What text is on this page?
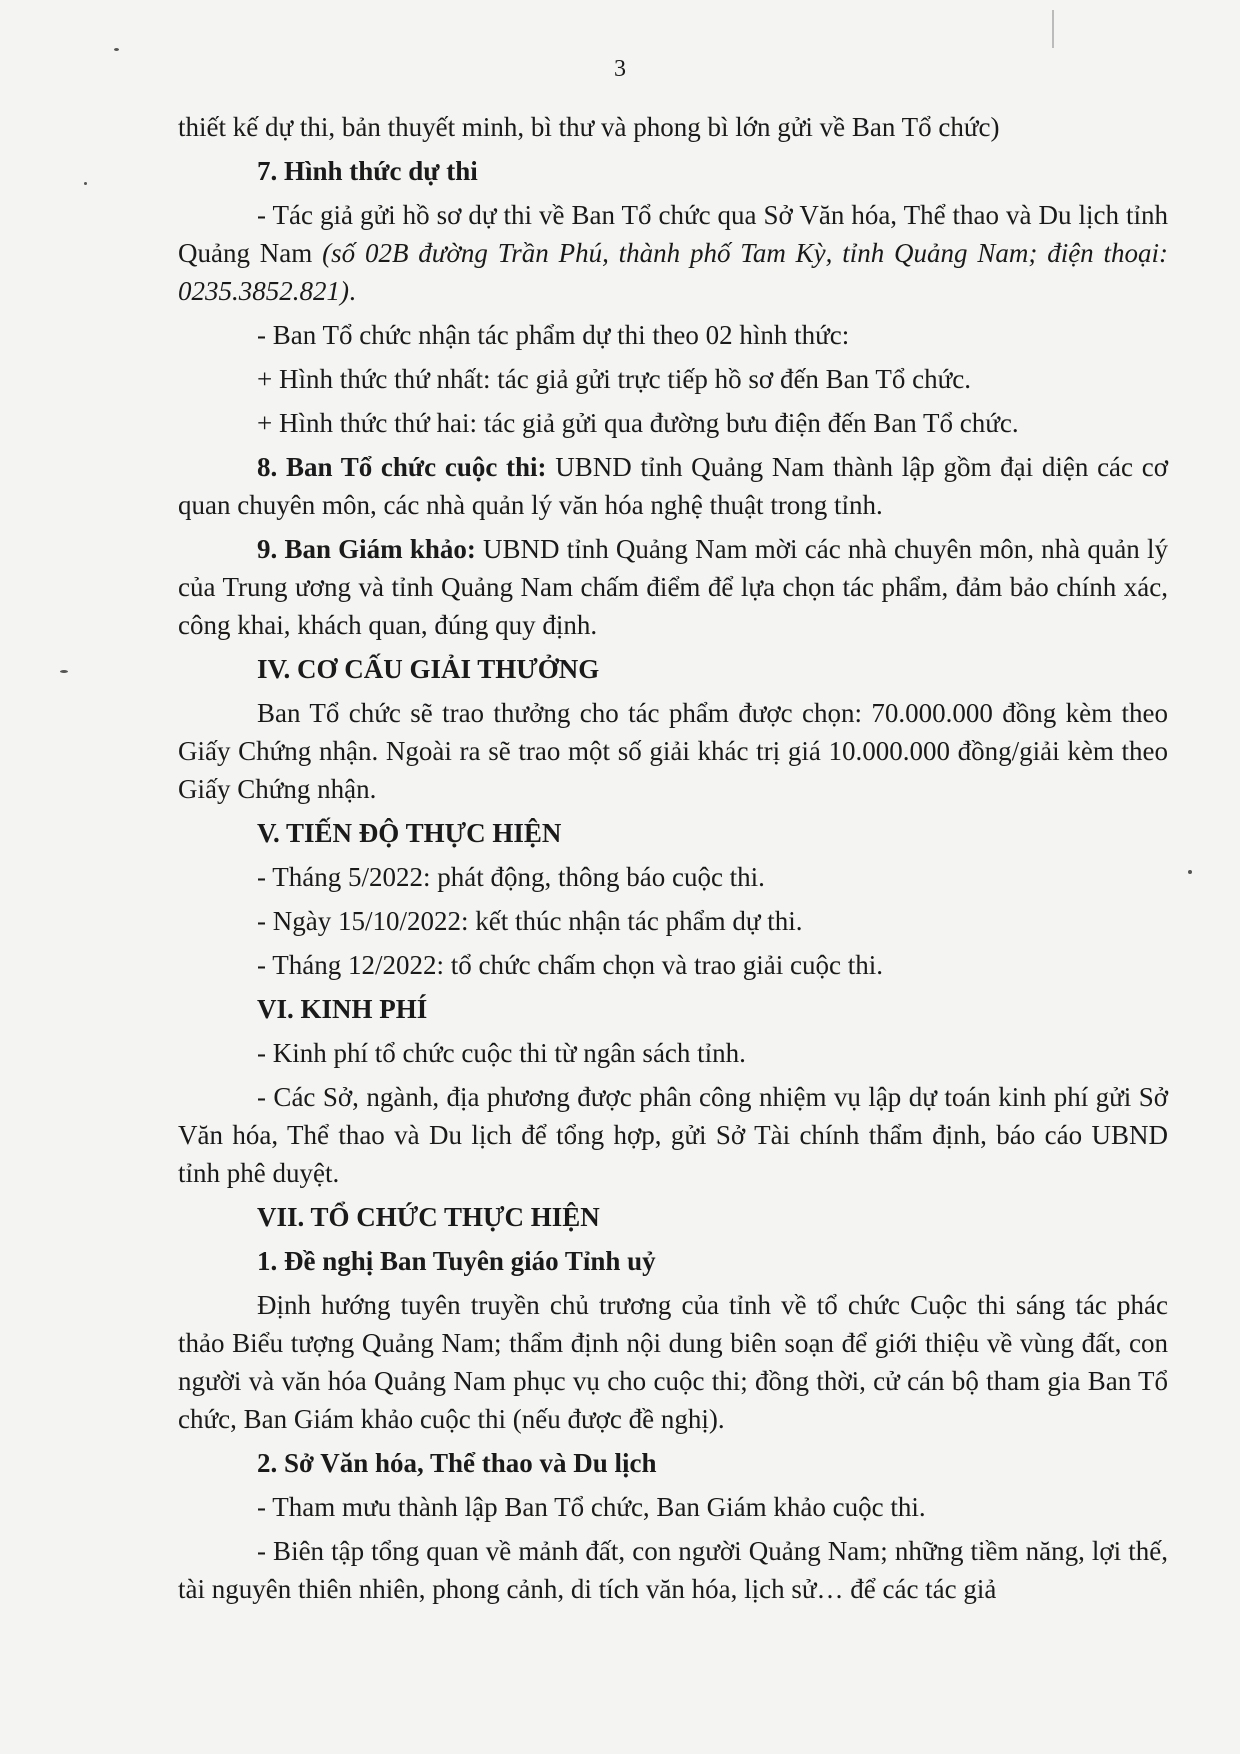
3

thiết kế dự thi, bản thuyết minh, bì thư và phong bì lớn gửi về Ban Tổ chức)

7. Hình thức dự thi

- Tác giả gửi hồ sơ dự thi về Ban Tổ chức qua Sở Văn hóa, Thể thao và Du lịch tỉnh Quảng Nam (số 02B đường Trần Phú, thành phố Tam Kỳ, tỉnh Quảng Nam; điện thoại: 0235.3852.821).

- Ban Tổ chức nhận tác phẩm dự thi theo 02 hình thức:

+ Hình thức thứ nhất: tác giả gửi trực tiếp hồ sơ đến Ban Tổ chức.

+ Hình thức thứ hai: tác giả gửi qua đường bưu điện đến Ban Tổ chức.

8. Ban Tổ chức cuộc thi: UBND tỉnh Quảng Nam thành lập gồm đại diện các cơ quan chuyên môn, các nhà quản lý văn hóa nghệ thuật trong tỉnh.

9. Ban Giám khảo: UBND tỉnh Quảng Nam mời các nhà chuyên môn, nhà quản lý của Trung ương và tỉnh Quảng Nam chấm điểm để lựa chọn tác phẩm, đảm bảo chính xác, công khai, khách quan, đúng quy định.

IV. CƠ CẤU GIẢI THƯỞNG

Ban Tổ chức sẽ trao thưởng cho tác phẩm được chọn: 70.000.000 đồng kèm theo Giấy Chứng nhận. Ngoài ra sẽ trao một số giải khác trị giá 10.000.000 đồng/giải kèm theo Giấy Chứng nhận.

V. TIẾN ĐỘ THỰC HIỆN

- Tháng 5/2022: phát động, thông báo cuộc thi.

- Ngày 15/10/2022: kết thúc nhận tác phẩm dự thi.

- Tháng 12/2022: tổ chức chấm chọn và trao giải cuộc thi.

VI. KINH PHÍ

- Kinh phí tổ chức cuộc thi từ ngân sách tỉnh.

- Các Sở, ngành, địa phương được phân công nhiệm vụ lập dự toán kinh phí gửi Sở Văn hóa, Thể thao và Du lịch để tổng hợp, gửi Sở Tài chính thẩm định, báo cáo UBND tỉnh phê duyệt.

VII. TỔ CHỨC THỰC HIỆN

1. Đề nghị Ban Tuyên giáo Tỉnh uỷ

Định hướng tuyên truyền chủ trương của tỉnh về tổ chức Cuộc thi sáng tác phác thảo Biểu tượng Quảng Nam; thẩm định nội dung biên soạn để giới thiệu về vùng đất, con người và văn hóa Quảng Nam phục vụ cho cuộc thi; đồng thời, cử cán bộ tham gia Ban Tổ chức, Ban Giám khảo cuộc thi (nếu được đề nghị).

2. Sở Văn hóa, Thể thao và Du lịch

- Tham mưu thành lập Ban Tổ chức, Ban Giám khảo cuộc thi.

- Biên tập tổng quan về mảnh đất, con người Quảng Nam; những tiềm năng, lợi thế, tài nguyên thiên nhiên, phong cảnh, di tích văn hóa, lịch sử… để các tác giả
